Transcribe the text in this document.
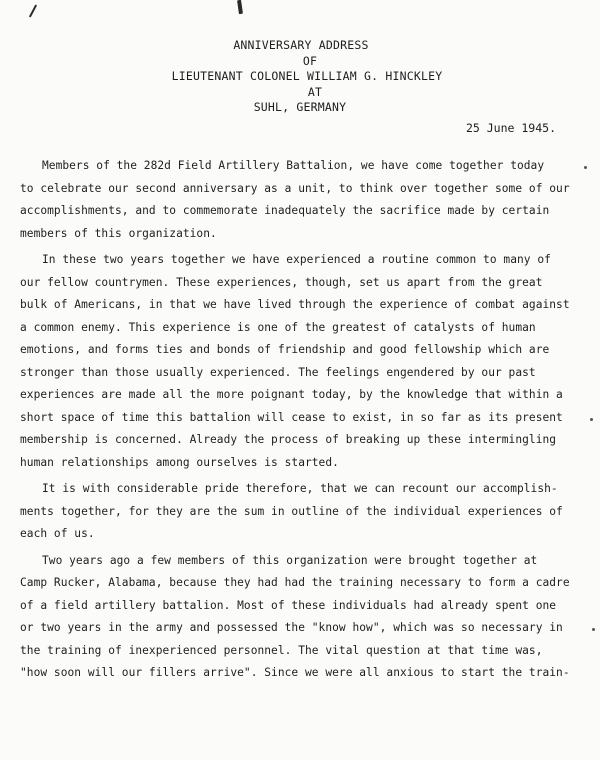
ANNIVERSARY ADDRESS
OF
LIEUTENANT COLONEL WILLIAM G. HINCKLEY
AT
SUHL, GERMANY
25 June 1945.
Members of the 282d Field Artillery Battalion, we have come together today
to celebrate our second anniversary as a unit, to think over together some of our
accomplishments, and to commemorate inadequately the sacrifice made by certain
members of this organization.
In these two years together we have experienced a routine common to many of
our fellow countrymen. These experiences, though, set us apart from the great
bulk of Americans, in that we have lived through the experience of combat against
a common enemy. This experience is one of the greatest of catalysts of human
emotions, and forms ties and bonds of friendship and good fellowship which are
stronger than those usually experienced. The feelings engendered by our past
experiences are made all the more poignant today, by the knowledge that within a
short space of time this battalion will cease to exist, in so far as its present
membership is concerned. Already the process of breaking up these intermingling
human relationships among ourselves is started.
It is with considerable pride therefore, that we can recount our accomplish-
ments together, for they are the sum in outline of the individual experiences of
each of us.
Two years ago a few members of this organization were brought together at
Camp Rucker, Alabama, because they had had the training necessary to form a cadre
of a field artillery battalion. Most of these individuals had already spent one
or two years in the army and possessed the "know how", which was so necessary in
the training of inexperienced personnel. The vital question at that time was,
"how soon will our fillers arrive". Since we were all anxious to start the train-
